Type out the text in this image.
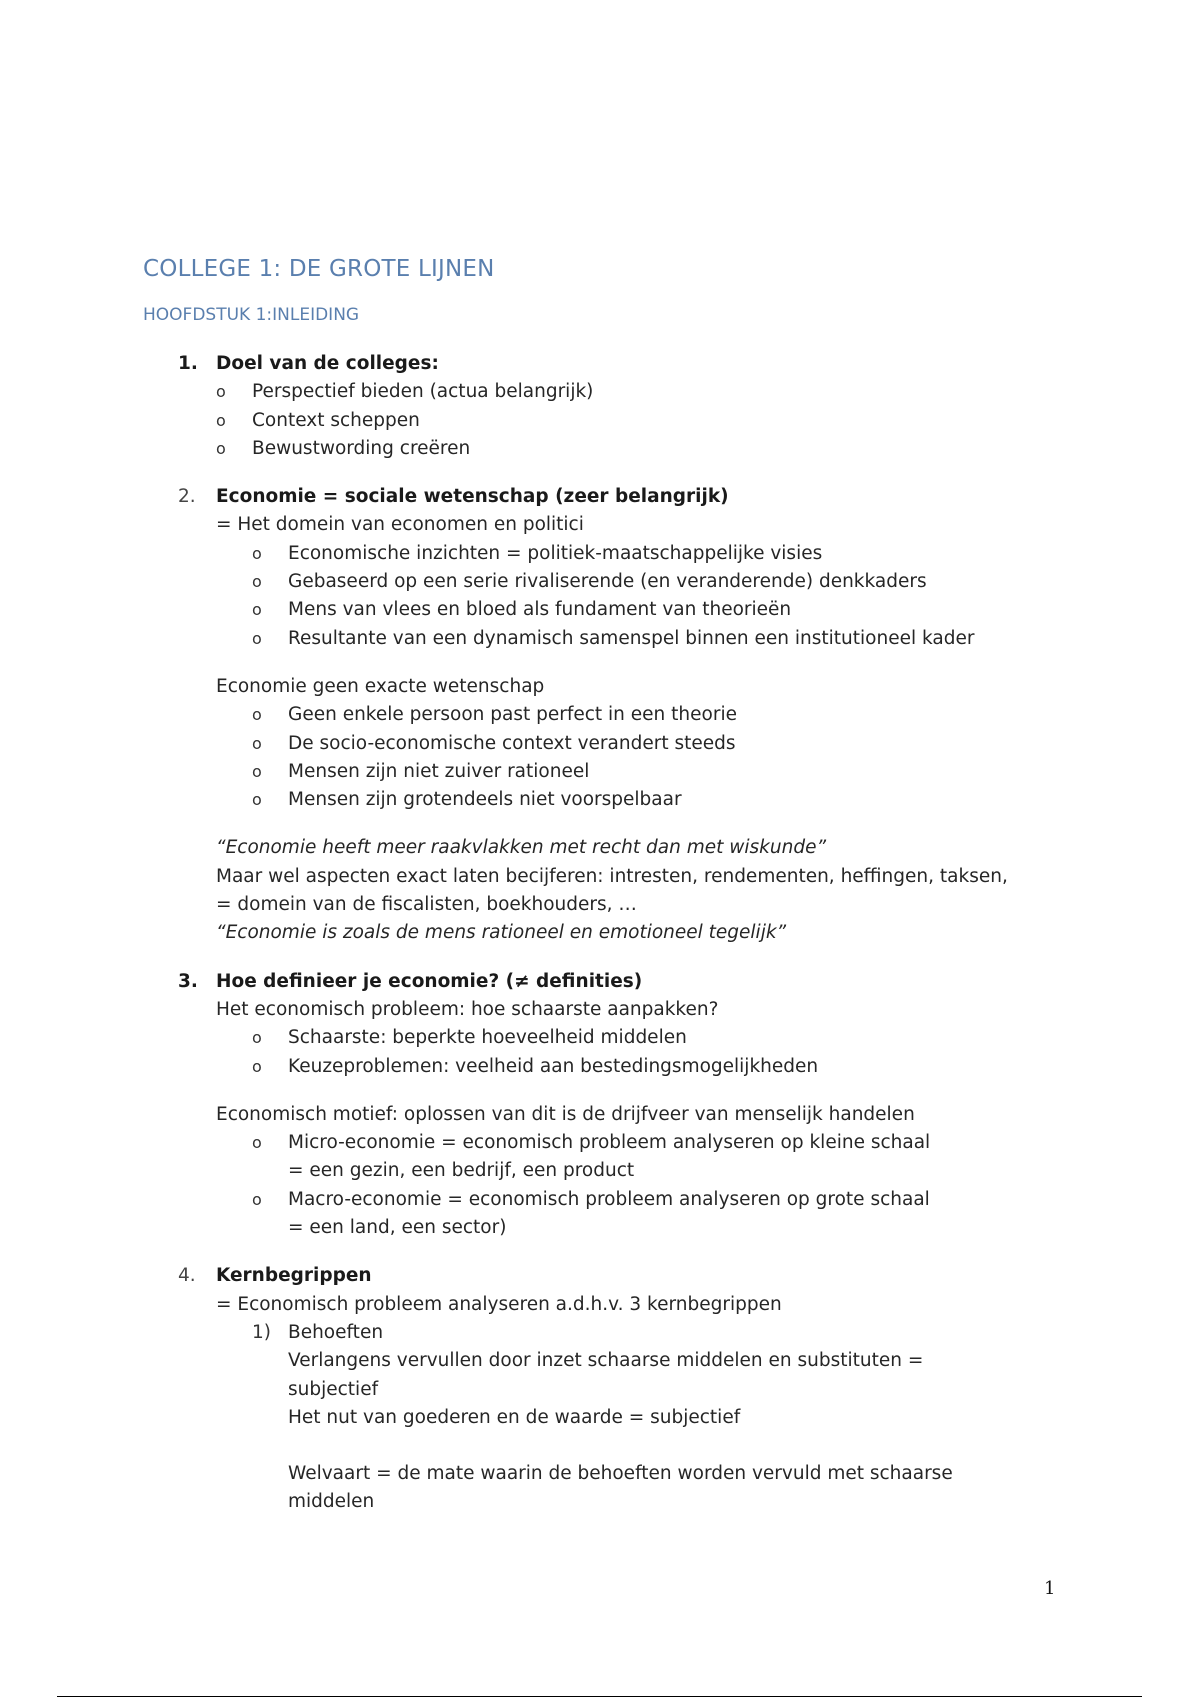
COLLEGE 1: DE GROTE LIJNEN
HOOFDSTUK 1:INLEIDING
1. Doel van de colleges:
o Perspectief bieden (actua belangrijk)
o Context scheppen
o Bewustwording creëren
2. Economie = sociale wetenschap (zeer belangrijk)
= Het domein van economen en politici
o Economische inzichten = politiek-maatschappelijke visies
o Gebaseerd op een serie rivaliserende (en veranderende) denkkaders
o Mens van vlees en bloed als fundament van theorieën
o Resultante van een dynamisch samenspel binnen een institutioneel kader
Economie geen exacte wetenschap
o Geen enkele persoon past perfect in een theorie
o De socio-economische context verandert steeds
o Mensen zijn niet zuiver rationeel
o Mensen zijn grotendeels niet voorspelbaar
“Economie heeft meer raakvlakken met recht dan met wiskunde”
Maar wel aspecten exact laten becijferen: intresten, rendementen, heffingen, taksen,
= domein van de fiscalisten, boekhouders, …
“Economie is zoals de mens rationeel en emotioneel tegelijk”
3. Hoe definieer je economie? (≠ definities)
Het economisch probleem: hoe schaarste aanpakken?
o Schaarste: beperkte hoeveelheid middelen
o Keuzeproblemen: veelheid aan bestedingsmogelijkheden
Economisch motief: oplossen van dit is de drijfveer van menselijk handelen
o Micro-economie = economisch probleem analyseren op kleine schaal
= een gezin, een bedrijf, een product
o Macro-economie = economisch probleem analyseren op grote schaal
= een land, een sector)
4. Kernbegrippen
= Economisch probleem analyseren a.d.h.v. 3 kernbegrippen
1) Behoeften
Verlangens vervullen door inzet schaarse middelen en substituten =
subjectief
Het nut van goederen en de waarde = subjectief
Welvaart = de mate waarin de behoeften worden vervuld met schaarse
middelen
1
